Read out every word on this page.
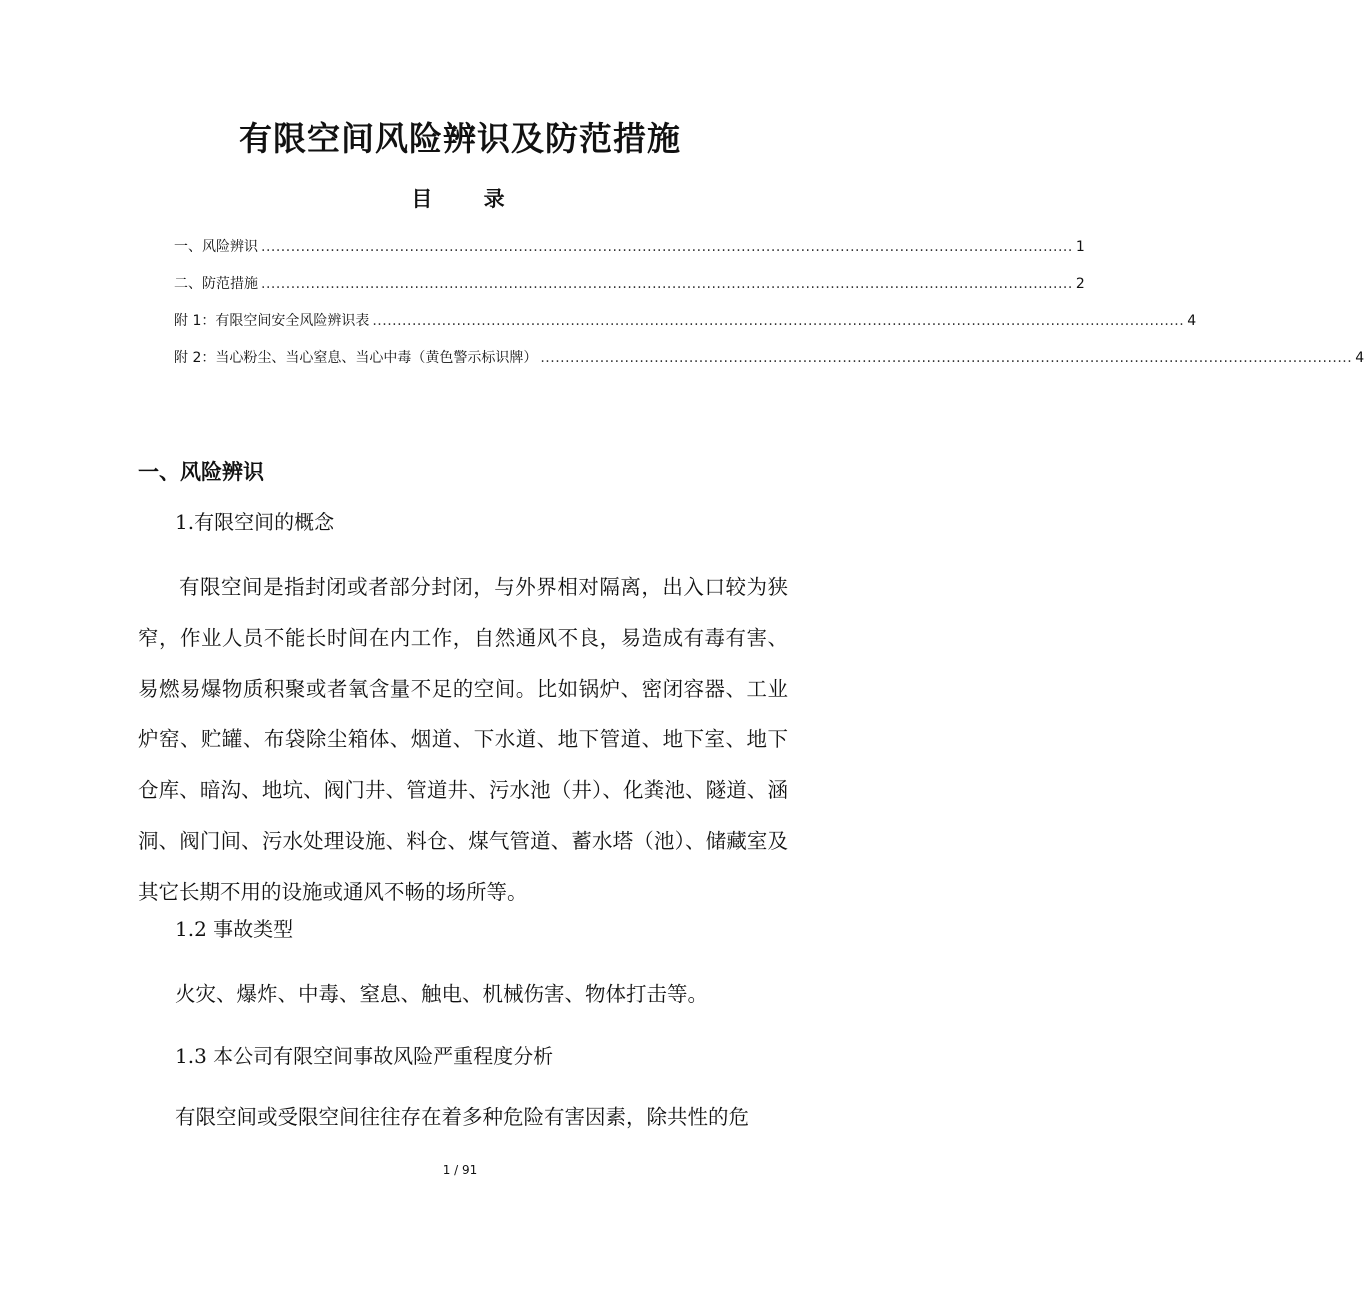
有限空间风险辨识及防范措施
目 录
一、风险辨识 .................................................................................................................................................................... 1
二、防范措施 .................................................................................................................................................................... 2
附 1：有限空间安全风险辨识表 .................................................................................................................................................................... 4
附 2：当心粉尘、当心窒息、当心中毒（黄色警示标识牌） .................................................................................................................................................................... 4
一、风险辨识
1.有限空间的概念

有限空间是指封闭或者部分封闭，与外界相对隔离，出入口较为狭窄，作业人员不能长时间在内工作，自然通风不良，易造成有毒有害、易燃易爆物质积聚或者氧含量不足的空间。比如锅炉、密闭容器、工业炉窑、贮罐、布袋除尘箱体、烟道、下水道、地下管道、地下室、地下仓库、暗沟、地坑、阀门井、管道井、污水池（井）、化粪池、隧道、涵洞、阀门间、污水处理设施、料仓、煤气管道、蓄水塔（池）、储藏室及其它长期不用的设施或通风不畅的场所等。

1.2 事故类型
火灾、爆炸、中毒、窒息、触电、机械伤害、物体打击等。
1.3 本公司有限空间事故风险严重程度分析
有限空间或受限空间往往存在着多种危险有害因素，除共性的危
1 / 91
